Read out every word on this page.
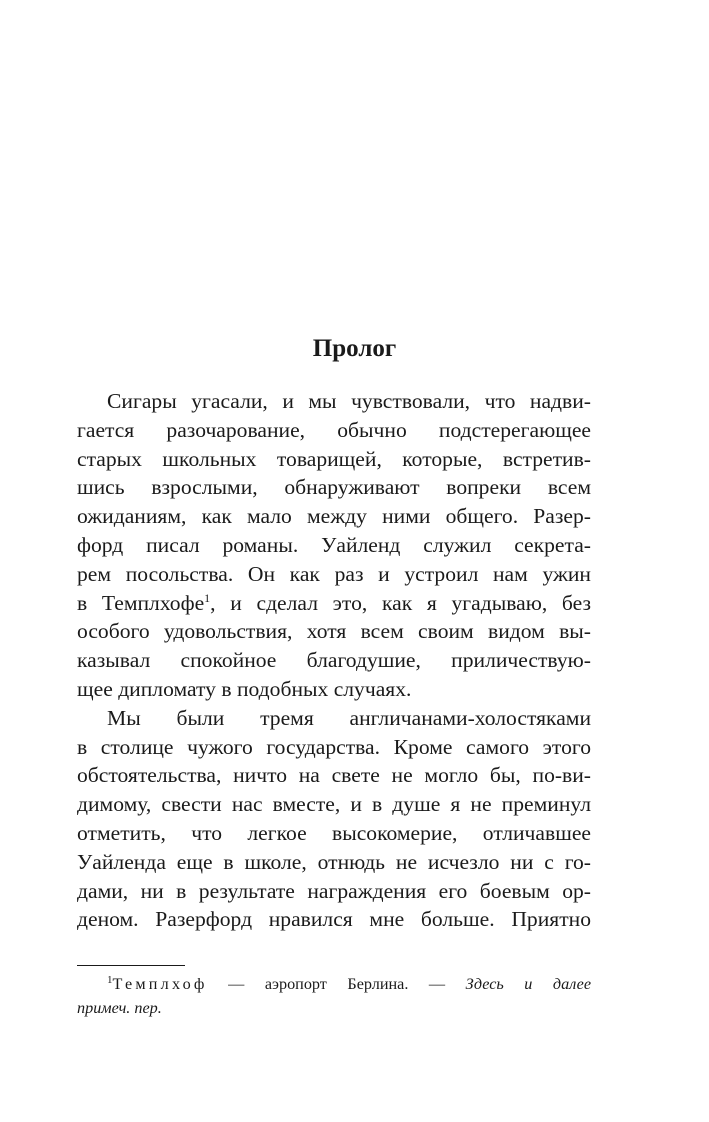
Пролог
Сигары угасали, и мы чувствовали, что надви-
гается разочарование, обычно подстерегающее
старых школьных товарищей, которые, встретив-
шись взрослыми, обнаруживают вопреки всем
ожиданиям, как мало между ними общего. Разер-
форд писал романы. Уайленд служил секрета-
рем посольства. Он как раз и устроил нам ужин
в Темплхофе$^1$, и сделал это, как я угадываю, без
особого удовольствия, хотя всем своим видом вы-
казывал спокойное благодушие, приличествую-
щее дипломату в подобных случаях.
Мы были тремя англичанами-холостяками
в столице чужого государства. Кроме самого этого
обстоятельства, ничто на свете не могло бы, по-ви-
димому, свести нас вместе, и в душе я не преминул
отметить, что легкое высокомерие, отличавшее
Уайленда еще в школе, отнюдь не исчезло ни с го-
дами, ни в результате награждения его боевым ор-
деном. Разерфорд нравился мне больше. Приятно
$^1$Темплхоф — аэропорт Берлина. — Здесь и далее
примеч. пер.
